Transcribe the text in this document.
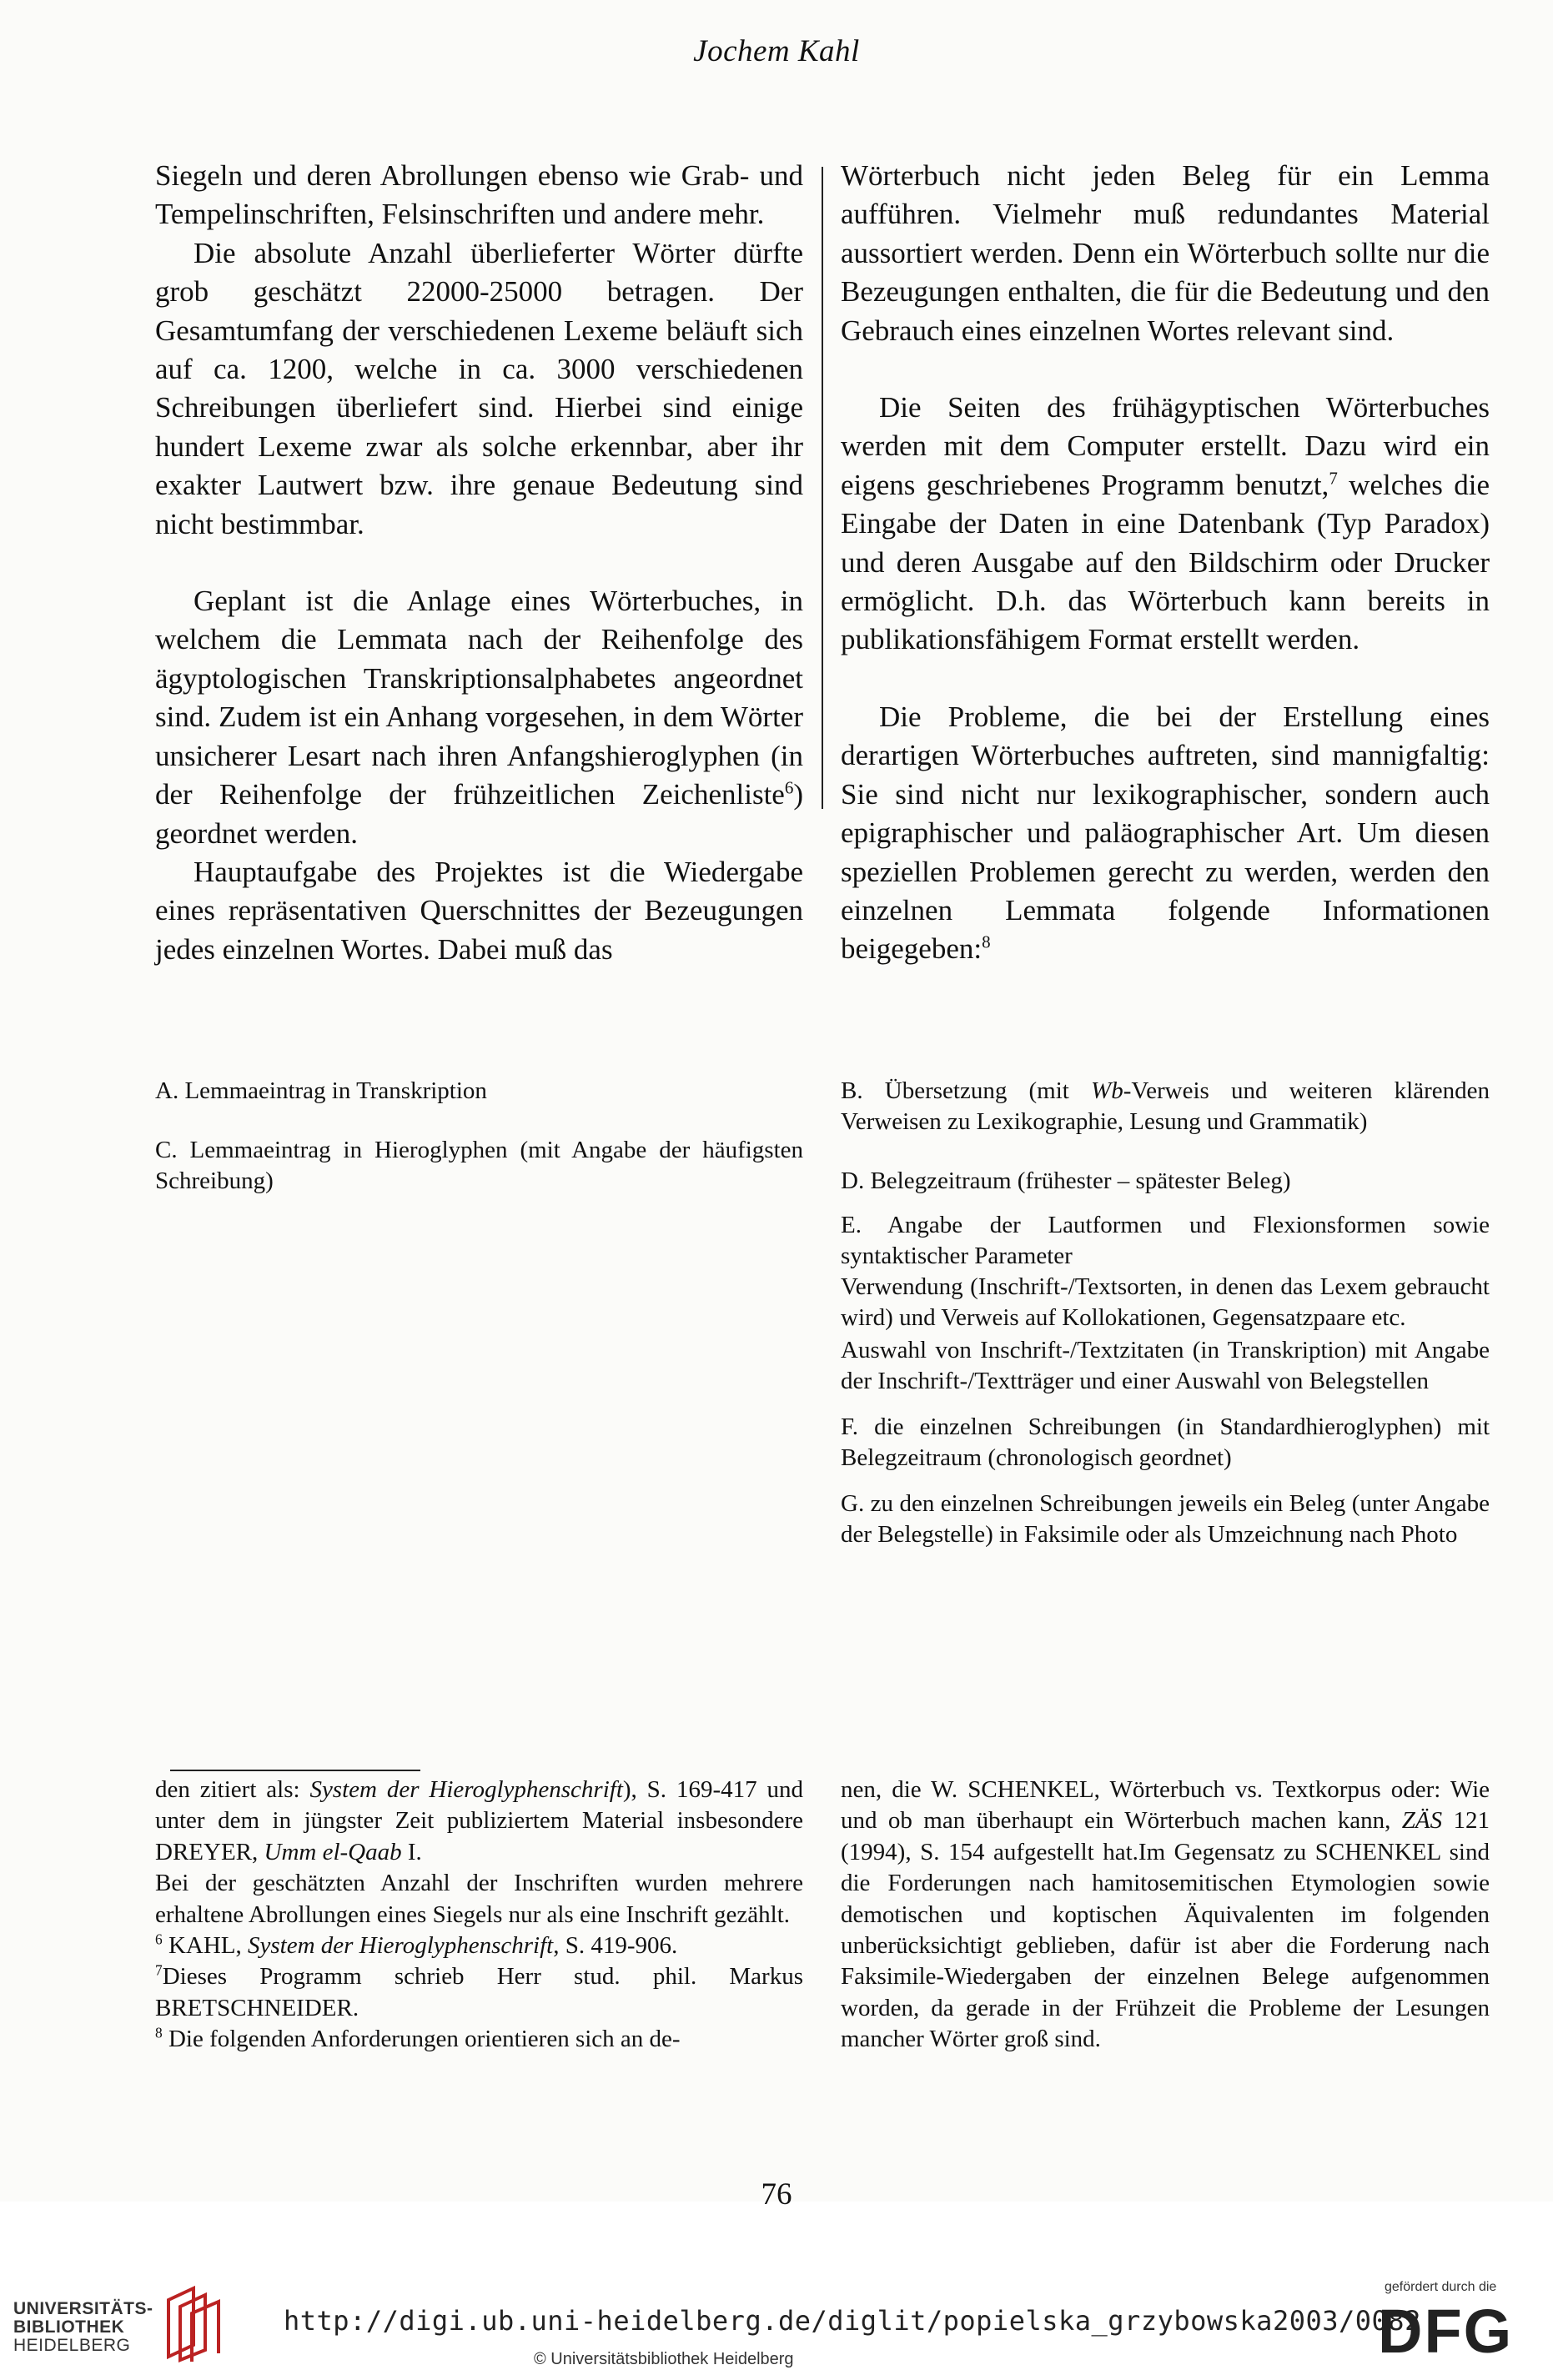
Jochem Kahl

Siegeln und deren Abrollungen ebenso wie Grab- und Tempelinschriften, Felsinschriften und andere mehr.

Die absolute Anzahl überlieferter Wörter dürfte grob geschätzt 22000-25000 betragen. Der Gesamtumfang der verschiedenen Lexeme beläuft sich auf ca. 1200, welche in ca. 3000 verschiedenen Schreibungen überliefert sind. Hierbei sind einige hundert Lexeme zwar als solche erkennbar, aber ihr exakter Lautwert bzw. ihre genaue Bedeutung sind nicht bestimmbar.

Geplant ist die Anlage eines Wörterbuches, in welchem die Lemmata nach der Reihenfolge des ägyptologischen Transkriptionsalphabetes angeordnet sind. Zudem ist ein Anhang vorgesehen, in dem Wörter unsicherer Lesart nach ihren Anfangshieroglyphen (in der Reihenfolge der frühzeitlichen Zeichenliste$^6$) geordnet werden.

Hauptaufgabe des Projektes ist die Wiedergabe eines repräsentativen Querschnittes der Bezeugungen jedes einzelnen Wortes. Dabei muß das

Wörterbuch nicht jeden Beleg für ein Lemma aufführen. Vielmehr muß redundantes Material aussortiert werden. Denn ein Wörterbuch sollte nur die Bezeugungen enthalten, die für die Bedeutung und den Gebrauch eines einzelnen Wortes relevant sind.

Die Seiten des frühägyptischen Wörterbuches werden mit dem Computer erstellt. Dazu wird ein eigens geschriebenes Programm benutzt,$^7$ welches die Eingabe der Daten in eine Datenbank (Typ Paradox) und deren Ausgabe auf den Bildschirm oder Drucker ermöglicht. D.h. das Wörterbuch kann bereits in publikationsfähigem Format erstellt werden.

Die Probleme, die bei der Erstellung eines derartigen Wörterbuches auftreten, sind mannigfaltig: Sie sind nicht nur lexikographischer, sondern auch epigraphischer und paläographischer Art. Um diesen speziellen Problemen gerecht zu werden, werden den einzelnen Lemmata folgende Informationen beigegeben:$^8$

A. Lemmaeintrag in Transkription
C. Lemmaeintrag in Hieroglyphen (mit Angabe der häufigsten Schreibung)
B. Übersetzung (mit Wb-Verweis und weiteren klärenden Verweisen zu Lexikographie, Lesung und Grammatik)
D. Belegzeitraum (frühester – spätester Beleg)
E. Angabe der Lautformen und Flexionsformen sowie syntaktischer Parameter
Verwendung (Inschrift-/Textsorten, in denen das Lexem gebraucht wird) und Verweis auf Kollokationen, Gegensatzpaare etc.
Auswahl von Inschrift-/Textzitaten (in Transkription) mit Angabe der Inschrift-/Textträger und einer Auswahl von Belegstellen
F. die einzelnen Schreibungen (in Standardhieroglyphen) mit Belegzeitraum (chronologisch geordnet)
G. zu den einzelnen Schreibungen jeweils ein Beleg (unter Angabe der Belegstelle) in Faksimile oder als Umzeichnung nach Photo
den zitiert als: System der Hieroglyphenschrift), S. 169-417 und unter dem in jüngster Zeit publiziertem Material insbesondere DREYER, Umm el-Qaab I.
Bei der geschätzten Anzahl der Inschriften wurden mehrere erhaltene Abrollungen eines Siegels nur als eine Inschrift gezählt.
$^6$ KAHL, System der Hieroglyphenschrift, S. 419-906.
$^7$Dieses Programm schrieb Herr stud. phil. Markus BRETSCHNEIDER.
$^8$ Die folgenden Anforderungen orientieren sich an de-
nen, die W. SCHENKEL, Wörterbuch vs. Textkorpus oder: Wie und ob man überhaupt ein Wörterbuch machen kann, ZÄS 121 (1994), S. 154 aufgestellt hat.Im Gegensatz zu SCHENKEL sind die Forderungen nach hamitosemitischen Etymologien sowie demotischen und koptischen Äquivalenten im folgenden unberücksichtigt geblieben, dafür ist aber die Forderung nach Faksimile-Wiedergaben der einzelnen Belege aufgenommen worden, da gerade in der Frühzeit die Probleme der Lesungen mancher Wörter groß sind.
76
UNIVERSITÄTS-
BIBLIOTHEK
HEIDELBERG
http://digi.ub.uni-heidelberg.de/diglit/popielska_grzybowska2003/0082
© Universitätsbibliothek Heidelberg
gefördert durch die
DFG
